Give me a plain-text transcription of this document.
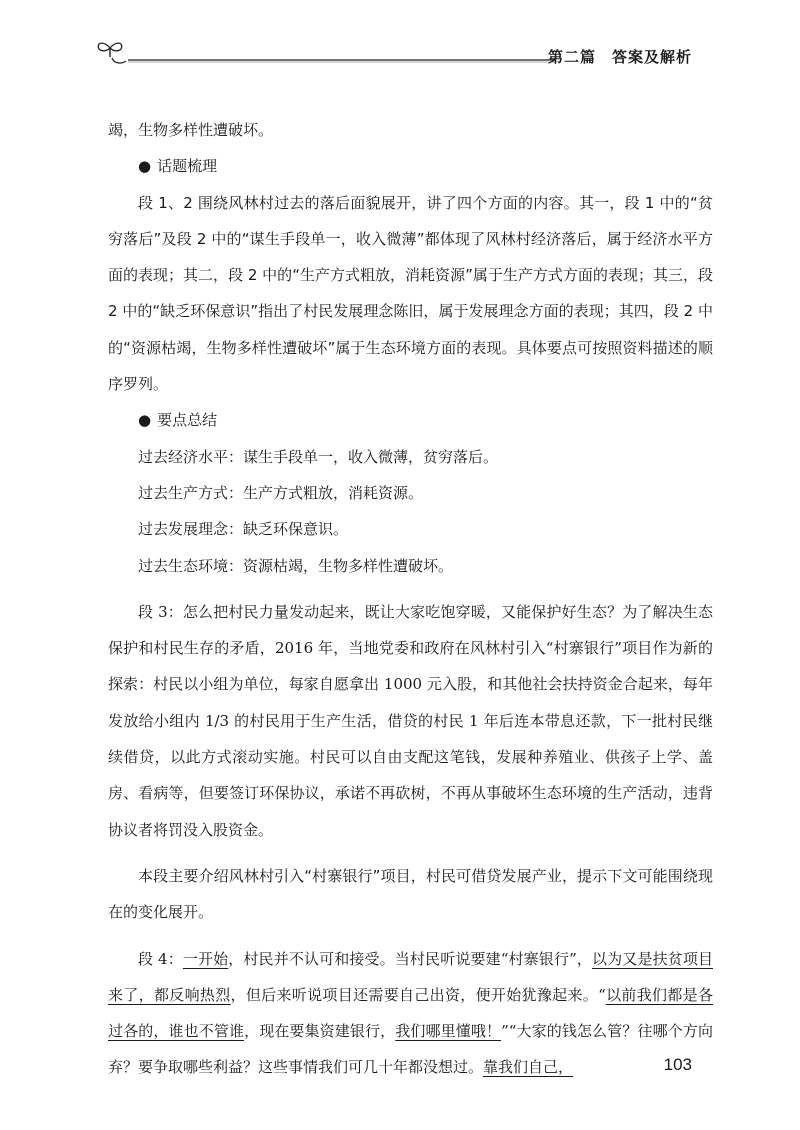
第二篇　答案及解析

竭，生物多样性遭破坏。

● 话题梳理

段 1、2 围绕风林村过去的落后面貌展开，讲了四个方面的内容。其一，段 1 中的“贫穷落后”及段 2 中的“谋生手段单一，收入微薄”都体现了风林村经济落后，属于经济水平方面的表现；其二，段 2 中的“生产方式粗放，消耗资源”属于生产方式方面的表现；其三，段 2 中的“缺乏环保意识”指出了村民发展理念陈旧，属于发展理念方面的表现；其四，段 2 中的“资源枯竭，生物多样性遭破坏”属于生态环境方面的表现。具体要点可按照资料描述的顺序罗列。

● 要点总结

过去经济水平：谋生手段单一，收入微薄，贫穷落后。

过去生产方式：生产方式粗放，消耗资源。

过去发展理念：缺乏环保意识。

过去生态环境：资源枯竭，生物多样性遭破坏。

段 3：怎么把村民力量发动起来，既让大家吃饱穿暖，又能保护好生态？为了解决生态保护和村民生存的矛盾，2016 年，当地党委和政府在风林村引入“村寨银行”项目作为新的探索：村民以小组为单位，每家自愿拿出 1000 元入股，和其他社会扶持资金合起来，每年发放给小组内 1/3 的村民用于生产生活，借贷的村民 1 年后连本带息还款，下一批村民继续借贷，以此方式滚动实施。村民可以自由支配这笔钱，发展种养殖业、供孩子上学、盖房、看病等，但要签订环保协议，承诺不再砍树，不再从事破坏生态环境的生产活动，违背协议者将罚没入股资金。

本段主要介绍风林村引入“村寨银行”项目，村民可借贷发展产业，提示下文可能围绕现在的变化展开。

段 4：一开始，村民并不认可和接受。当村民听说要建“村寨银行”，以为又是扶贫项目来了，都反响热烈，但后来听说项目还需要自己出资，便开始犹豫起来。“以前我们都是各过各的，谁也不管谁，现在要集资建银行，我们哪里懂哦！”“大家的钱怎么管？往哪个方向弃？要争取哪些利益？这些事情我们可几十年都没想过。靠我们自己，	103
